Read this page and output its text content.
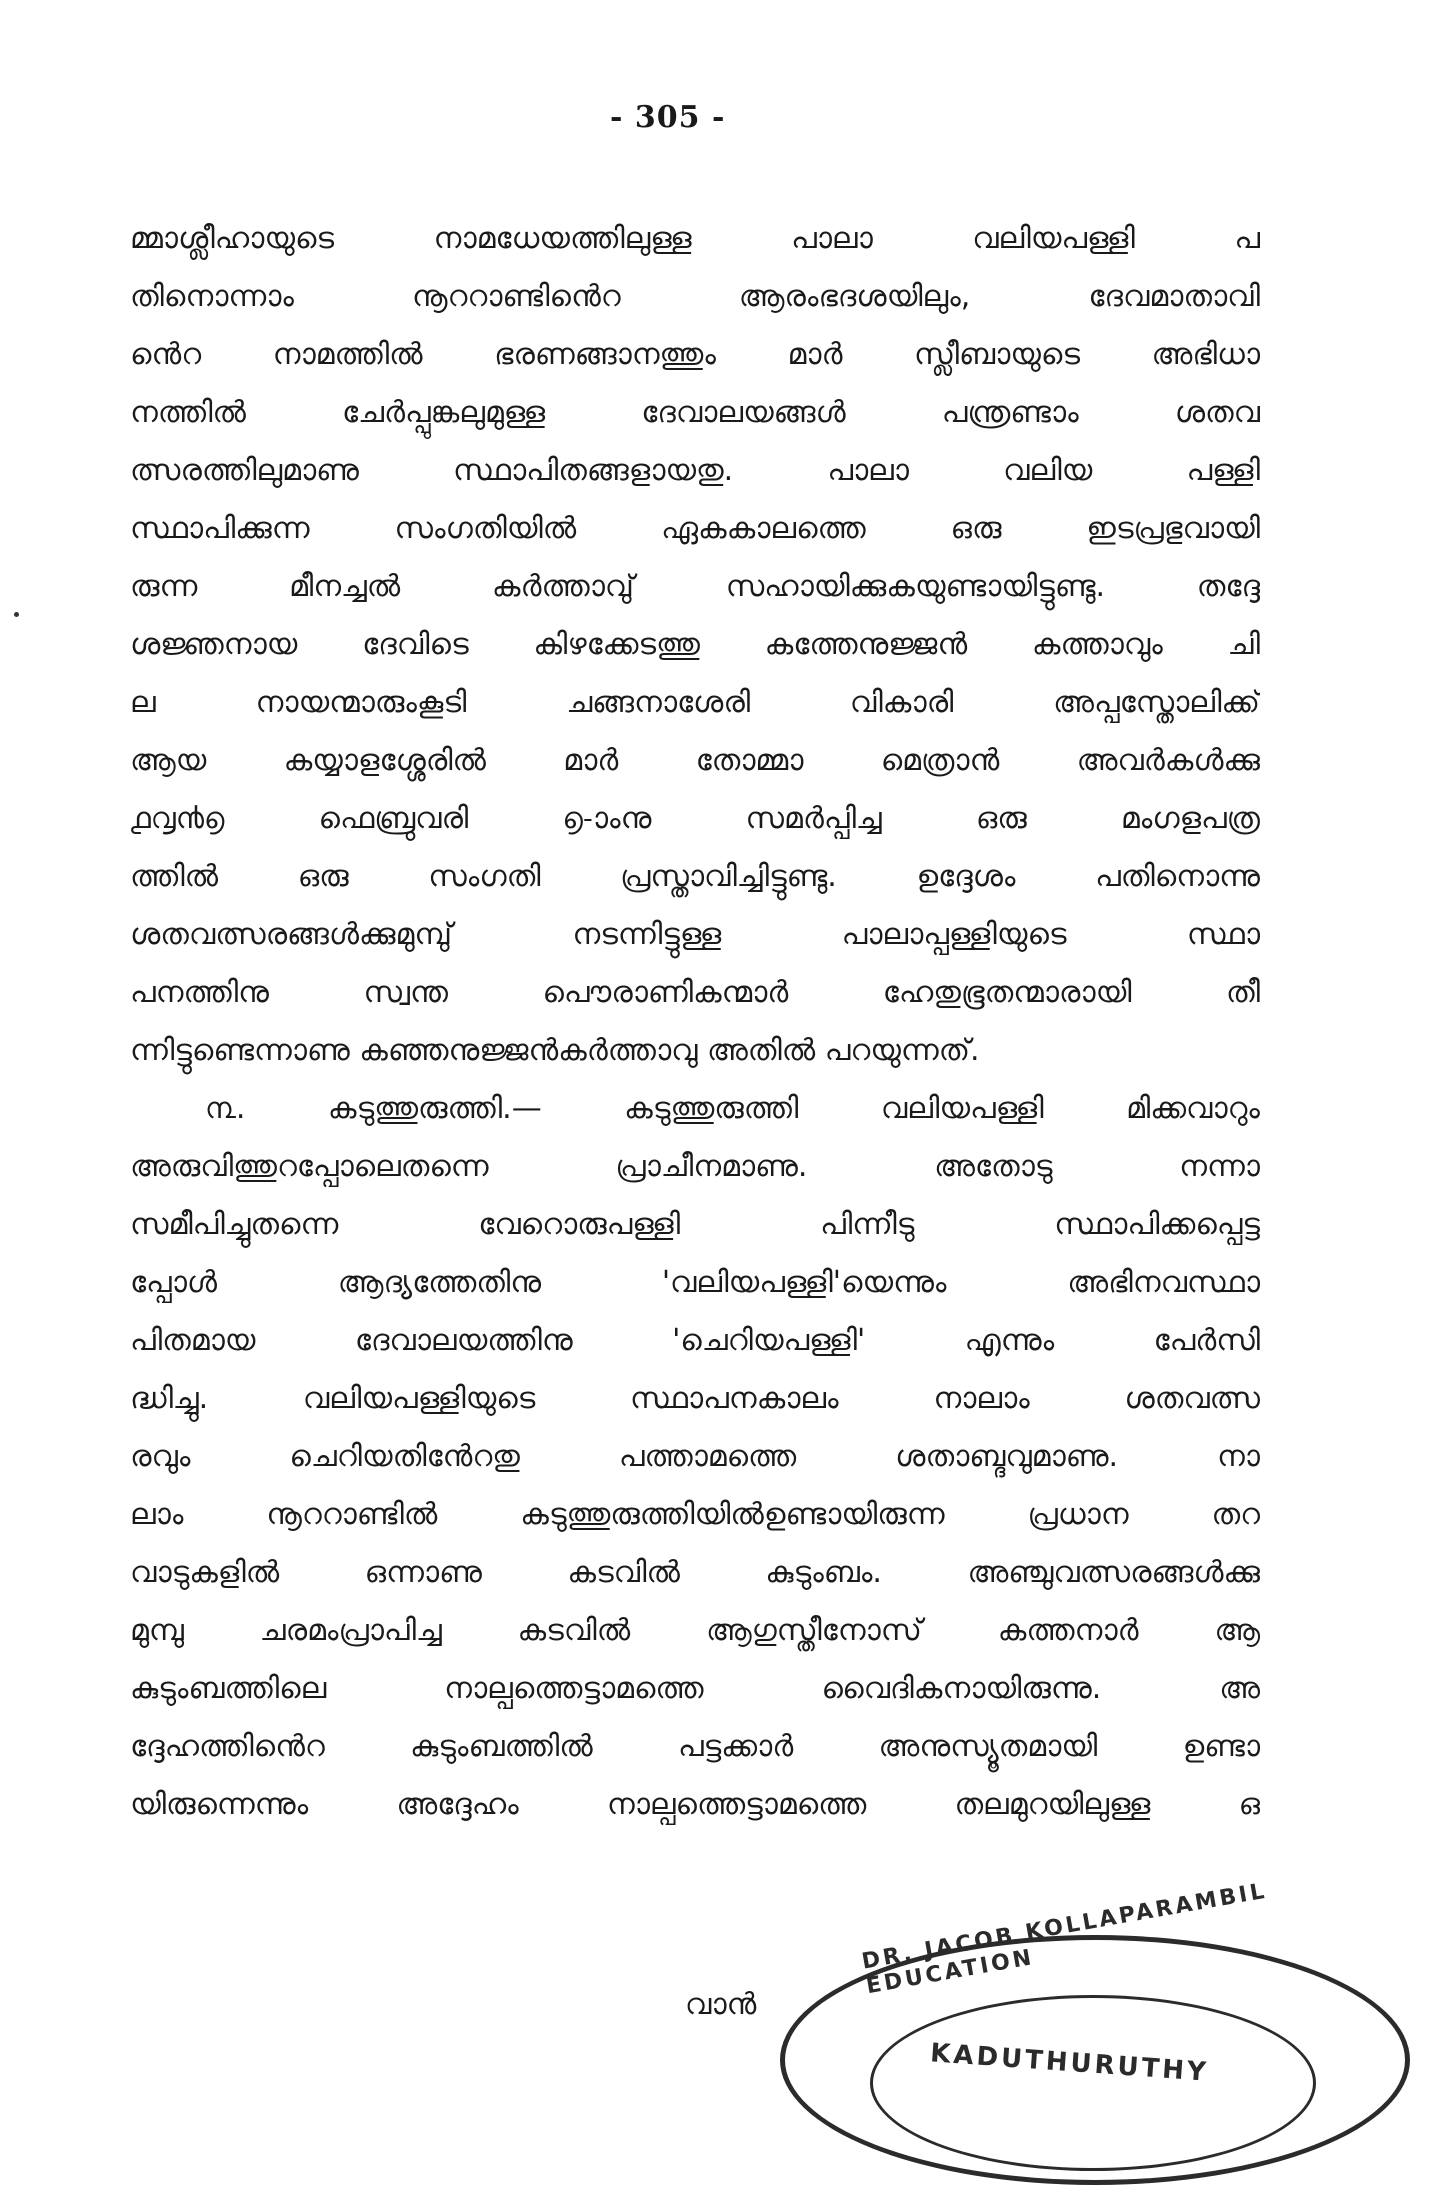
- 305 -
മ്മാശ്ലീഹായുടെ നാമധേയത്തിലുള്ള പാലാ വലിയപള്ളി പ
തിനൊന്നാം നൂററാണ്ടിൻെറ ആരംഭദശയിലും, ദേവമാതാവി
ൻെറ നാമത്തിൽ ഭരണങ്ങാനത്തും മാർ സ്ലീബായുടെ അഭിധാ
നത്തിൽ ചേർപ്പുങ്കലുമുള്ള ദേവാലയങ്ങൾ പന്ത്രണ്ടാം ശതവ
ത്സരത്തിലുമാണു സ്ഥാപിതങ്ങളായതു. പാലാ വലിയ പള്ളി
സ്ഥാപിക്കുന്ന സംഗതിയിൽ ഏകകാലത്തെ ഒരു ഇടപ്രഭുവായി
രുന്ന മീനച്ചൽ കർത്താവു് സഹായിക്കുകയുണ്ടായിട്ടുണ്ടു. തദ്ദേ
ശജ്ഞനായ ദേവിടെ കിഴക്കേടത്തു കത്തേനുജ്ജൻ കത്താവും ചി
ല നായന്മാരുംകൂടി ചങ്ങനാശേരി വികാരി അപ്പസ്തോലിക്ക്
ആയ കയ്യാളശ്ശേരിൽ മാർ തോമ്മാ മെത്രാൻ അവർകൾക്കു
൧൮൯൭ ഫെബ്രുവരി ൭-ാംനു സമർപ്പിച്ച ഒരു മംഗളപത്ര
ത്തിൽ ഒരു സംഗതി പ്രസ്താവിച്ചിട്ടുണ്ടു. ഉദ്ദേശം പതിനൊന്നു
ശതവത്സരങ്ങൾക്കുമുമ്പു് നടന്നിട്ടുള്ള പാലാപ്പള്ളിയുടെ സ്ഥാ
പനത്തിനു സ്വന്ത പൌരാണികന്മാർ ഹേതുഭൂതന്മാരായി തീ
ന്നിട്ടുണ്ടെന്നാണു കഞ്ഞനുജ്ജൻകർത്താവു അതിൽ പറയുന്നത്.
൩. കടുത്തുരുത്തി.— കടുത്തുരുത്തി വലിയപള്ളി മിക്കവാറും
അരുവിത്തുറപ്പോലെതന്നെ പ്രാചീനമാണു. അതോടു നന്നാ
സമീപിച്ചുതന്നെ വേറൊരുപള്ളി പിന്നീടു സ്ഥാപിക്കപ്പെട്ട
പ്പോൾ ആദ്യത്തേതിനു 'വലിയപള്ളി'യെന്നും അഭിനവസ്ഥാ
പിതമായ ദേവാലയത്തിനു 'ചെറിയപള്ളി' എന്നും പേർസി
ദ്ധിച്ചു. വലിയപള്ളിയുടെ സ്ഥാപനകാലം നാലാം ശതവത്സ
രവും ചെറിയതിൻേറതു പത്താമത്തെ ശതാബ്ദവുമാണു. നാ
ലാം നൂററാണ്ടിൽ കടുത്തുരുത്തിയിൽഉണ്ടായിരുന്ന പ്രധാന തറ
വാടുകളിൽ ഒന്നാണു കടവിൽ കുടുംബം. അഞ്ചുവത്സരങ്ങൾക്കു
മുമ്പു ചരമംപ്രാപിച്ച കടവിൽ ആഗുസ്തീനോസ് കത്തനാർ ആ
കുടുംബത്തിലെ നാല്പത്തെട്ടാമത്തെ വൈദികനായിരുന്നു. അ
ദ്ദേഹത്തിൻെറ കുടുംബത്തിൽ പട്ടക്കാർ അനുസ്യൂതമായി ഉണ്ടാ
യിരുന്നെന്നും അദ്ദേഹം നാല്പത്തെട്ടാമത്തെ തലമുറയിലുള്ള ഒ
വാൻ
DR. JACOB KOLLAPARAMBIL EDUCATION
KADUTHURUTHY
